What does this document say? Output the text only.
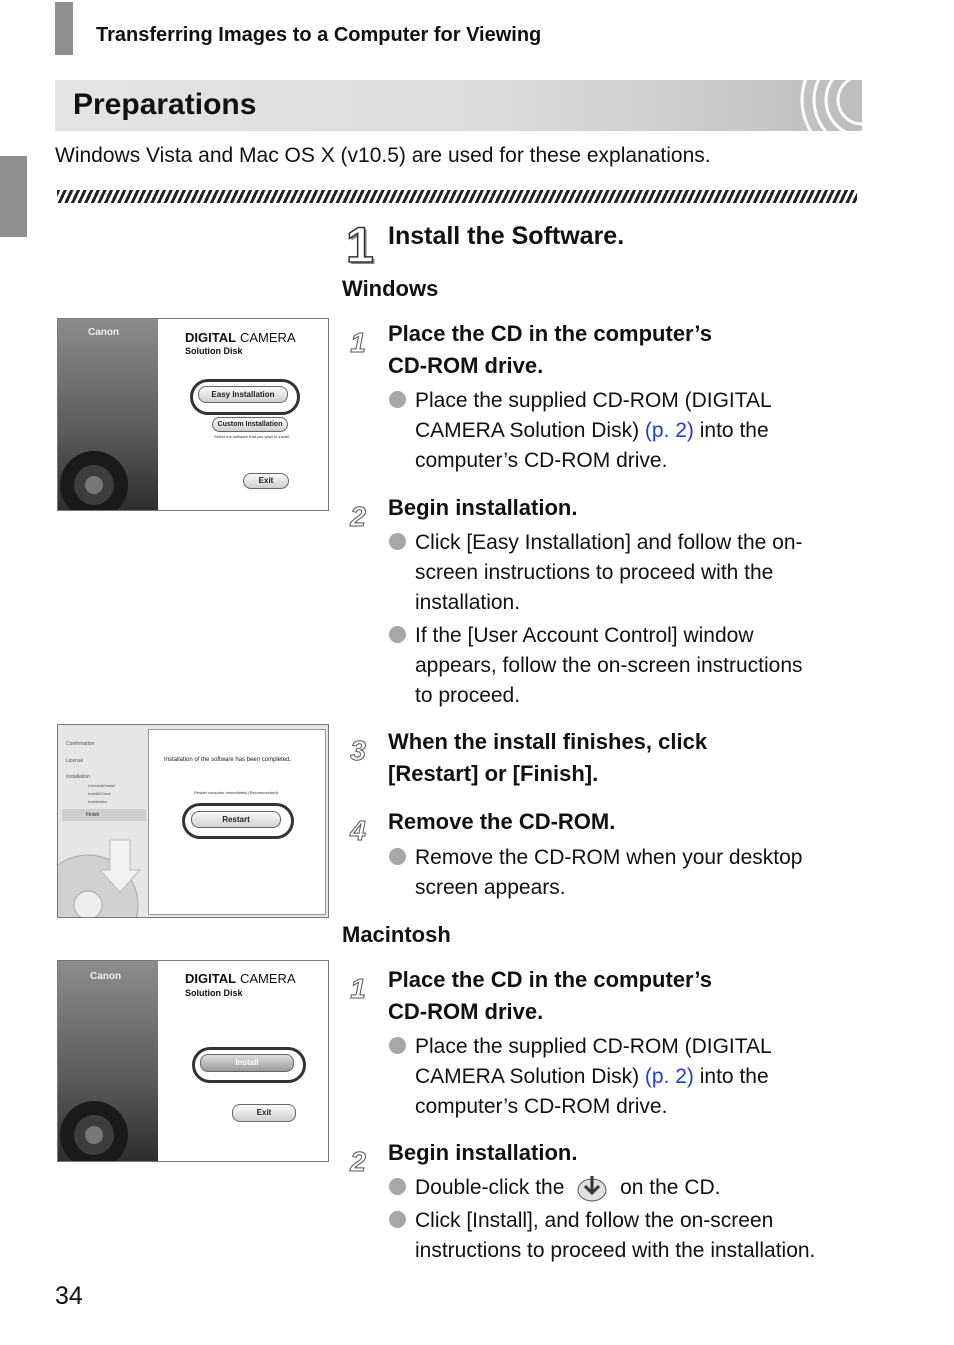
Transferring Images to a Computer for Viewing
Preparations
Windows Vista and Mac OS X (v10.5) are used for these explanations.
1 Install the Software.
Windows
Canon	DIGITAL CAMERA
Solution Disk
Easy Installation
Custom Installation
Select the software that you want to install.
Exit
1	Place the CD in the computer’s
CD-ROM drive.
Place the supplied CD-ROM (DIGITAL
CAMERA Solution Disk) (p. 2) into the
computer’s CD-ROM drive.
2	Begin installation.
Click [Easy Installation] and follow the on-
screen instructions to proceed with the
installation.
If the [User Account Control] window
appears, follow the on-screen instructions
to proceed.
Confirmation
License
Installation
Uninstall/Install
Install/Check
Installation
Finish
Installation of the software has been completed.
Restart computer immediately (Recommended)
Restart
3	When the install finishes, click
[Restart] or [Finish].
4	Remove the CD-ROM.
Remove the CD-ROM when your desktop
screen appears.
Macintosh
Canon	DIGITAL CAMERA
Solution Disk
Install
Exit
1	Place the CD in the computer’s
CD-ROM drive.
Place the supplied CD-ROM (DIGITAL
CAMERA Solution Disk) (p. 2) into the
computer’s CD-ROM drive.
2	Begin installation.
Double-click the	on the CD.
Click [Install], and follow the on-screen
instructions to proceed with the installation.
34
